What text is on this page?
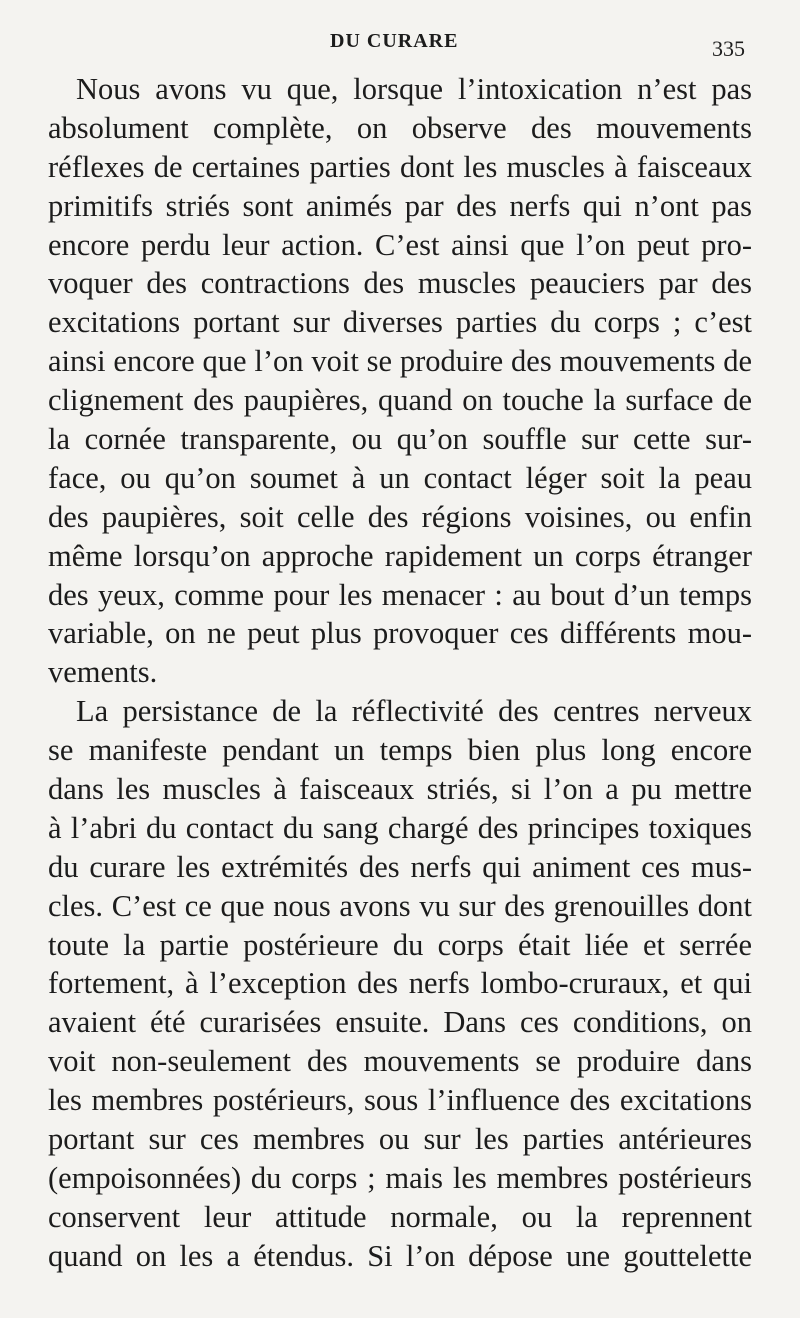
DU CURARE	335
Nous avons vu que, lorsque l’intoxication n’est pas
absolument complète, on observe des mouvements
réflexes de certaines parties dont les muscles à faisceaux
primitifs striés sont animés par des nerfs qui n’ont pas
encore perdu leur action. C’est ainsi que l’on peut pro-
voquer des contractions des muscles peauciers par des
excitations portant sur diverses parties du corps ; c’est
ainsi encore que l’on voit se produire des mouvements de
clignement des paupières, quand on touche la surface de
la cornée transparente, ou qu’on souffle sur cette sur-
face, ou qu’on soumet à un contact léger soit la peau
des paupières, soit celle des régions voisines, ou enfin
même lorsqu’on approche rapidement un corps étranger
des yeux, comme pour les menacer : au bout d’un temps
variable, on ne peut plus provoquer ces différents mou-
vements.
La persistance de la réflectivité des centres nerveux
se manifeste pendant un temps bien plus long encore
dans les muscles à faisceaux striés, si l’on a pu mettre
à l’abri du contact du sang chargé des principes toxiques
du curare les extrémités des nerfs qui animent ces mus-
cles. C’est ce que nous avons vu sur des grenouilles dont
toute la partie postérieure du corps était liée et serrée
fortement, à l’exception des nerfs lombo-cruraux, et qui
avaient été curarisées ensuite. Dans ces conditions, on
voit non-seulement des mouvements se produire dans
les membres postérieurs, sous l’influence des excitations
portant sur ces membres ou sur les parties antérieures
(empoisonnées) du corps ; mais les membres postérieurs
conservent leur attitude normale, ou la reprennent
quand on les a étendus. Si l’on dépose une gouttelette
